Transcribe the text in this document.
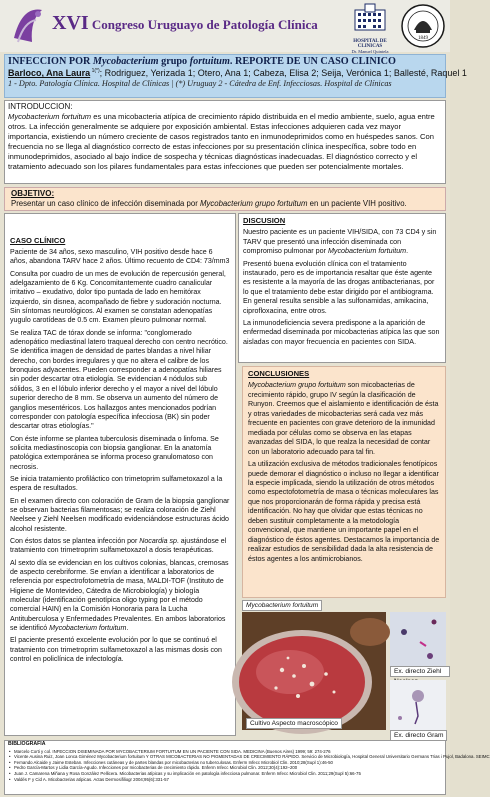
XVI Congreso Uruguayo de Patología Clínica
HOSPITAL DE CLINICAS
Dr. Manuel Quintela
1849
INFECCION POR Mycobacterium grupo fortuitum. REPORTE DE UN CASO CLINICO
Barloco, Ana Laura $^{1(*)}$; Rodriguez, Yerizada 1; Otero, Ana 1; Cabeza, Elisa 2; Seija, Verónica 1; Ballesté, Raquel 1
1 - Dpto. Patología Clínica. Hospital de Clínicas | (*) Uruguay 2 - Cátedra de Enf. Infecciosas. Hospital de Clínicas
INTRODUCCION:
Mycobacterium fortuitum es una micobacteria atípica de crecimiento rápido distribuida en el medio ambiente, suelo, agua entre otros. La infección generalmente se adquiere por exposición ambiental. Estas infecciones adquieren cada vez mayor importancia, existiendo un número creciente de casos registrados tanto en inmunodeprimidos como en huéspedes sanos. Con frecuencia no se llega al diagnóstico correcto de estas infecciones por su presentación clínica inespecífica, sobre todo en inmunodeprimidos, asociado al bajo índice de sospecha y técnicas diagnósticas inadecuadas. El diagnóstico correcto y el tratamiento adecuado son los pilares fundamentales para estas infecciones que pueden ser potencialmente mortales.
OBJETIVO:
Presentar un caso clínico de infección diseminada por Mycobacterium grupo fortuitum en un paciente VIH positivo.
CASO CLÍNICO

Paciente de 34 años, sexo masculino, VIH positivo desde hace 6 años, abandona TARV hace 2 años. Último recuento de CD4: 73/mm3

Consulta por cuadro de un mes de evolución de repercusión general, adelgazamiento de 6 Kg. Concomitantemente cuadro canalicular irritativo – exudativo, dolor tipo puntada de lado en hemitórax izquierdo, sin disnea, acompañado de fiebre y sudoración nocturna. Sin síntomas neurológicos. Al examen se constatan adenopatías yugulo carotídeas de 0.5 cm. Examen pleuro pulmonar normal.

Se realiza TAC de tórax donde se informa: "conglomerado adenopático mediastinal latero traqueal derecho con centro necrótico. Se identifica imagen de densidad de partes blandas a nivel hiliar derecho, con bordes irregulares y que no altera el calibre de los bronquios adyacentes. Pueden corresponder a adenopatías hiliares sin poder descartar otra etiología. Se evidencian 4 nódulos sub sólidos, 3 en el lóbulo inferior derecho y el mayor a nivel del lóbulo superior derecho de 8 mm. Se observa un aumento del número de ganglios mesentéricos. Los hallazgos antes mencionados podrían corresponder con patología específica infecciosa (BK) sin poder descartar otras etiologías."

Con éste informe se plantea tuberculosis diseminada o linfoma. Se solicita mediastinoscopia con biopsia ganglionar. En la anatomía patológica extemporánea se informa proceso granulomatoso con necrosis.

Se inicia tratamiento profiláctico con trimetoprim sulfametoxazol a la espera de resultados.

En el examen directo con coloración de Gram de la biopsia ganglionar se observan bacterias filamentosas; se realiza coloración de Ziehl Neelsee y Ziehl Neelsen modificado evidenciándose estructuras ácido alcohol resistente.

Con éstos datos se plantea infección por Nocardia sp. ajustándose el tratamiento con trimetroprim sulfametoxazol a dosis terapéuticas.

Al sexto día se evidencian en los cultivos colonias, blancas, cremosas de aspecto cerebriforme. Se envían a identificar a laboratorios de referencia por espectrofotometría de masa, MALDI-TOF (Instituto de Higiene de Montevideo, Cátedra de Microbiología) y biología molecular (identificación genotípica oligo typing por el método comercial HAIN) en la Comisión Honoraria para la Lucha Antituberculosa y Enfermedades Prevalentes. En ambos laboratorios se identificó Mycobacterium fortuitum.

El paciente presentó excelente evolución por lo que se continuó el tratamiento con trimetroprim sulfametoxazol a las mismas dosis con control en policlínica de infectología.

DISCUSION

Nuestro paciente es un paciente VIH/SIDA, con 73 CD4 y sin TARV que presentó una infección diseminada con compromiso pulmonar por Mycobacterium fortuitum.

Presentó buena evolución clínica con el tratamiento instaurado, pero es de importancia resaltar que éste agente es resistente a la mayoría de las drogas antibacterianas, por lo que el tratamiento debe estar dirigido por el antibiograma. En general resulta sensible a las sulfonamidas, amikacina, ciprofloxacina, entre otros.

La inmunodeficiencia severa predispone a la aparición de enfermedad diseminada por micobacterias atípica las que son aisladas con mayor frecuencia en pacientes con SIDA.

CONCLUSIONES

Mycobacterium grupo fortuitum son micobacterias de crecimiento rápido, grupo IV según la clasificación de Runyon. Creemos que el aislamiento e identificación de ésta y otras variedades de micobacterias será cada vez más frecuente en pacientes con grave deterioro de la inmunidad mediada por células como se observa en las etapas avanzadas del SIDA, lo que realza la necesidad de contar con un laboratorio adecuado para tal fin.

La utilización exclusiva de métodos tradicionales fenotípicos puede demorar el diagnóstico o incluso no llegar a identificar la especie implicada, siendo la utilización de otros métodos como espectofotometría de masa o técnicas moleculares las que nos proporcionarán de forma rápida y precisa está identificación. No hay que olvidar que estas técnicas no deben sustituir completamente a la metodología convencional, que mantiene un importante papel en el diagnóstico de éstos agentes. Destacamos la importancia de realizar estudios de sensibilidad dada la alta resistencia de éstos agentes a los antimicrobianos.

Mycobacterium fortuitum
Cultivo Aspecto macroscópico
Ex. directo Ziehl
Ex. directo Gram
BIBLIOGRAFIA
• Marcelo Corti y col. INFECCION DISEMINADA POR MYCOBACTERIUM FORTUITUM EN UN PACIENTE CON SIDA. MEDICINA (Buenos Aires) 1999; 59: 274-276
• Vicente Ausina Ruiz, Joan Lonca Giménez Mycobacterium fortuitum Y OTRAS MICOBACTERIAS NO PIGMENTADAS DE CRECIMIENTO RÁPIDO. Servicio de Microbiología, Hospital General Universitario Germans Trias i Pujol, Badalona. SEIMC
• Fernando Alcaide y Jaime Esteban. Infecciones cutáneas y de partes blandas por micobacterias no tuberculosas. Enferm Infecc Microbiol Clin. 2010;28(Supl 1):46-50
• Pedro García-Martos y Lidia García-Agudo. Infecciones por micobacterias de crecimiento rápido. Enferm Infecc Microbiol Clin. 2012;30(4):192–200
• Juan J. Camarena Miñana y Rosa González Pellicera. Micobacterias atípicas y su implicación en patología infecciosa pulmonar. Enferm Infecc Microbiol Clin. 2011;29(Supl 5):66-75
• Valdés F y Cid A. Micobacterias atípicas. Actas Dermosifiliogr 2004;95(6):331-57
